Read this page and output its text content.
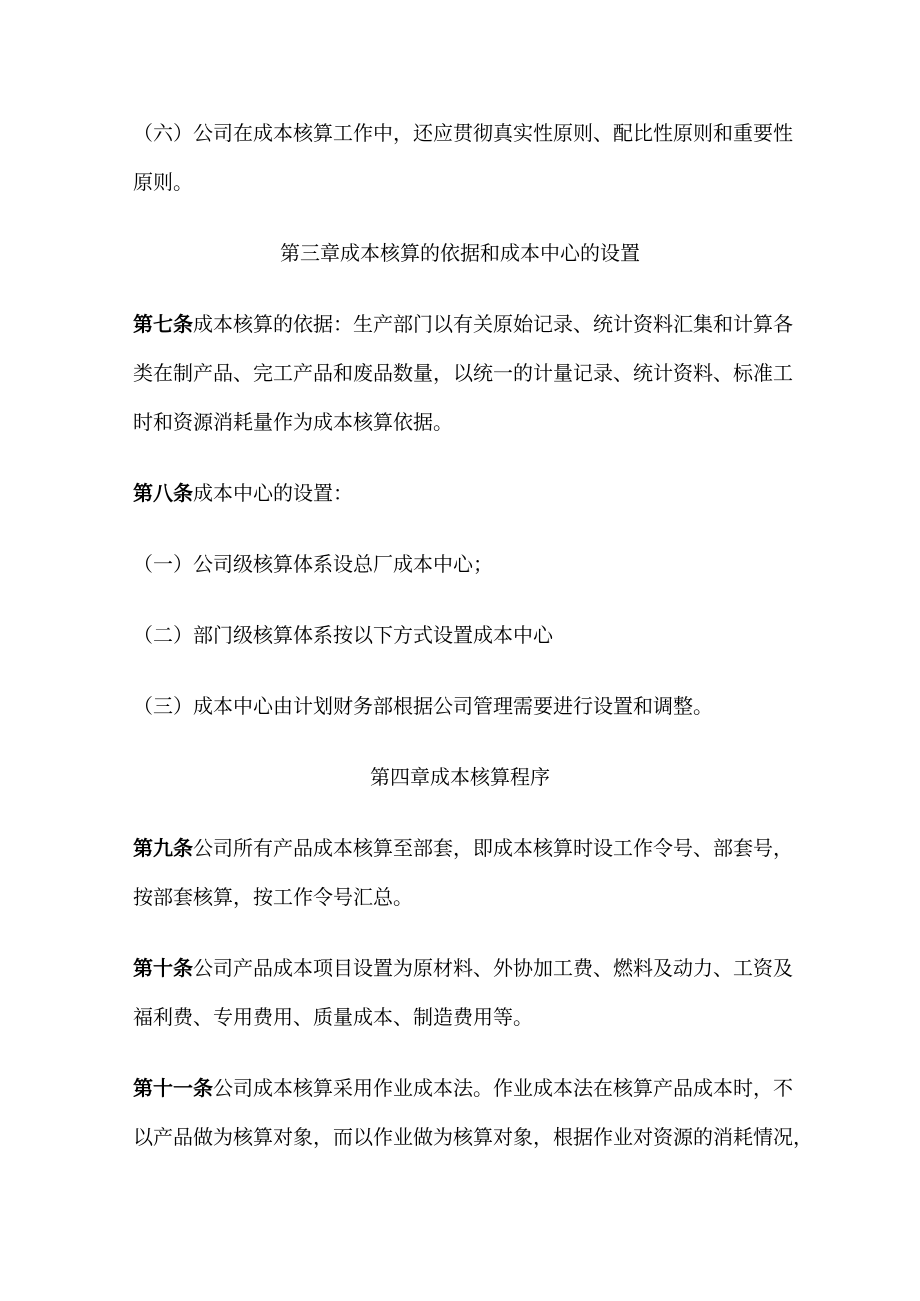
（六）公司在成本核算工作中，还应贯彻真实性原则、配比性原则和重要性
原则。
第三章成本核算的依据和成本中心的设置
第七条成本核算的依据：生产部门以有关原始记录、统计资料汇集和计算各
类在制产品、完工产品和废品数量，以统一的计量记录、统计资料、标准工
时和资源消耗量作为成本核算依据。
第八条成本中心的设置：
（一）公司级核算体系设总厂成本中心；
（二）部门级核算体系按以下方式设置成本中心
（三）成本中心由计划财务部根据公司管理需要进行设置和调整。
第四章成本核算程序
第九条公司所有产品成本核算至部套，即成本核算时设工作令号、部套号，
按部套核算，按工作令号汇总。
第十条公司产品成本项目设置为原材料、外协加工费、燃料及动力、工资及
福利费、专用费用、质量成本、制造费用等。
第十一条公司成本核算采用作业成本法。作业成本法在核算产品成本时，不
以产品做为核算对象，而以作业做为核算对象，根据作业对资源的消耗情况，
